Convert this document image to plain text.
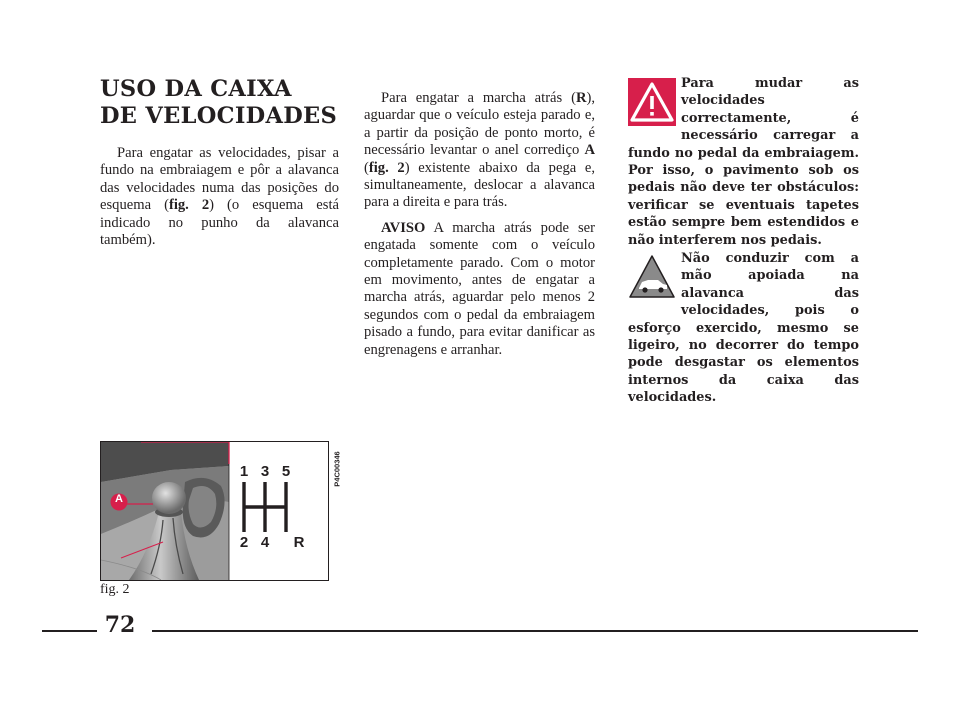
USO DA CAIXA
DE VELOCIDADES

Para engatar as velocidades, pisar a fundo na embraiagem e pôr a alavanca das velocidades numa das posições do esquema (fig. 2) (o esquema está indicado no punho da alavanca também).

Para engatar a marcha atrás (R), aguardar que o veículo esteja parado e, a partir da posição de ponto morto, é necessário levantar o anel corrediço A (fig. 2) existente abaixo da pega e, simultaneamente, deslocar a alavanca para a direita e para trás.

AVISO A marcha atrás pode ser engatada somente com o veículo completamente parado. Com o motor em movimento, antes de engatar a marcha atrás, aguardar pelo menos 2 segundos com o pedal da embraiagem pisado a fundo, para evitar danificar as engrenagens e arranhar.

Para mudar as velocidades correctamente, é necessário carregar a fundo no pedal da embraiagem. Por isso, o pavimento sob os pedais não deve ter obstáculos: verificar se eventuais tapetes estão sempre bem estendidos e não interferem nos pedais.
Não conduzir com a mão apoiada na alavanca das velocidades, pois o esforço exercido, mesmo se ligeiro, no decorrer do tempo pode desgastar os elementos internos da caixa das velocidades.
A
1 3 5
2 4 R
P4C00346
fig. 2
72
